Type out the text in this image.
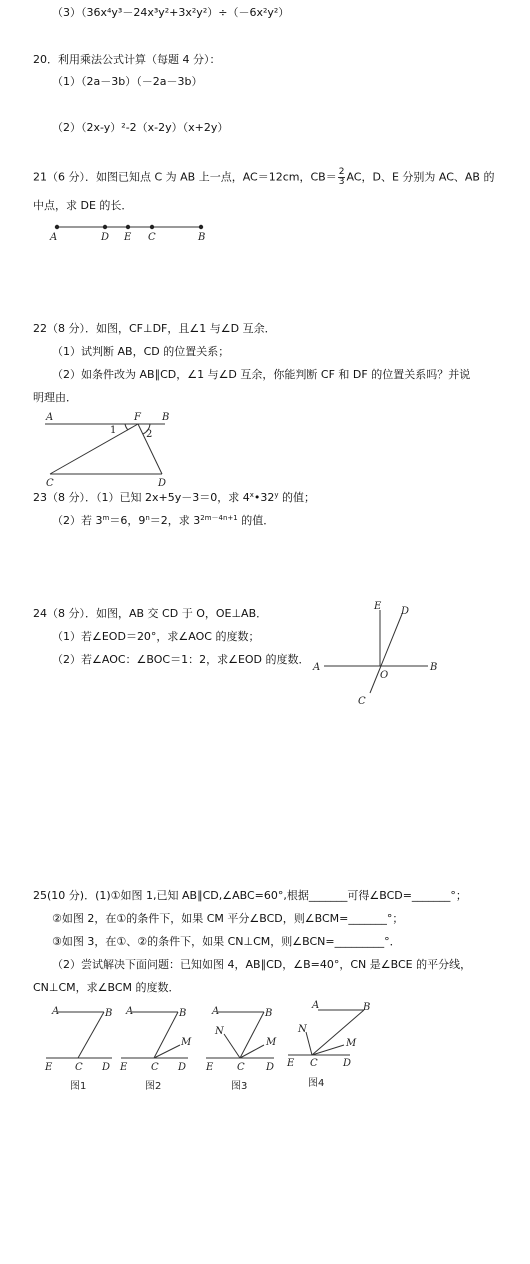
（3）（36x⁴y³－24x³y²+3x²y²）÷（－6x²y²）
20．利用乘法公式计算（每题 4 分）：
（1）（2a－3b）（－2a－3b）
（2）（2x-y）²-2（x-2y）（x+2y）
21（6 分）．如图已知点 C 为 AB 上一点，AC＝12cm，$CB= \frac{2}{3}$ AC，D、E 分别为 AC、AB 的
中点，求 DE 的长．
A	D E C	B
22（8 分）．如图，CF⊥DF，且∠1 与∠D 互余．
（1）试判断 AB，CD 的位置关系；
（2）如条件改为 AB∥CD，∠1 与∠D 互余，你能判断 CF 和 DF 的位置关系吗？并说
明理由．
A	F B
1	2
C	D
23（8 分）．（1）已知 2x+5y－3＝0，求 4$^x$•32$^y$ 的值；
（2）若 $3^m=6$，$9^n=2$，求 $3^{2m-4n+1}$ 的值．
24（8 分）．如图，AB 交 CD 于 O，OE⊥AB．
（1）若∠EOD＝20°，求∠AOC 的度数；
（2）若∠AOC：∠BOC＝1：2，求∠EOD 的度数．
E D
A
O
B
C
25(10 分)．(1)①如图 1,已知 AB∥CD,∠ABC=60°,根据_______可得∠BCD=_______°；
②如图 2，在①的条件下，如果 CM 平分∠BCD，则∠BCM=_______°；
③如图 3，在①、②的条件下，如果 CN⊥CM，则∠BCN=_________°．
（2）尝试解决下面问题：已知如图 4，AB∥CD，∠B=40°，CN 是∠BCE 的平分线，
CN⊥CM，求∠BCM 的度数．
A	B
E C D
图1
A	B
M
E C D
图2
A	B
N
M
E C D
图3
A	B
N
M
E C	D
图4
